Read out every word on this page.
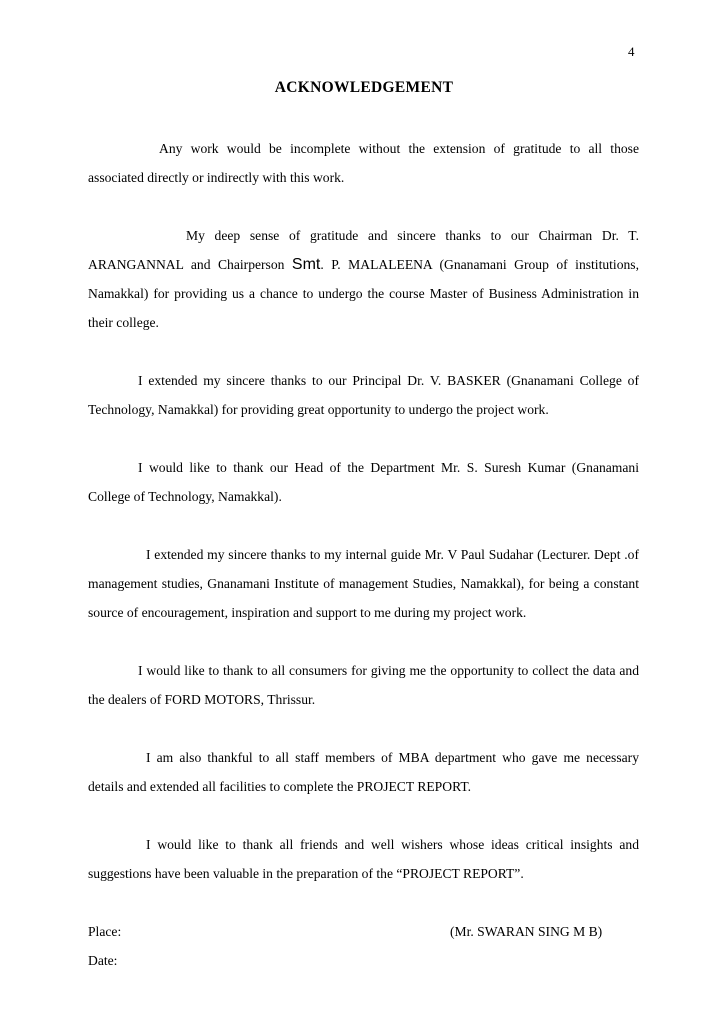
4
ACKNOWLEDGEMENT

Any work would be incomplete without the extension of gratitude to all those associated directly or indirectly with this work.

My deep sense of gratitude and sincere thanks to our Chairman Dr. T. ARANGANNAL and Chairperson Smt. P. MALALEENA (Gnanamani Group of institutions, Namakkal) for providing us a chance to undergo the course Master of Business Administration in their college.

I extended my sincere thanks to our Principal Dr. V. BASKER (Gnanamani College of Technology, Namakkal) for providing great opportunity to undergo the project work.

I would like to thank our Head of the Department Mr. S. Suresh Kumar (Gnanamani College of Technology, Namakkal).

I extended my sincere thanks to my internal guide Mr. V Paul Sudahar (Lecturer. Dept .of management studies, Gnanamani Institute of management Studies, Namakkal), for being a constant source of encouragement, inspiration and support to me during my project work.

I would like to thank to all consumers for giving me the opportunity to collect the data and the dealers of FORD MOTORS, Thrissur.

I am also thankful to all staff members of MBA department who gave me necessary details and extended all facilities to complete the PROJECT REPORT.

I would like to thank all friends and well wishers whose ideas critical insights and suggestions have been valuable in the preparation of the “PROJECT REPORT”.

Place:	(Mr. SWARAN SING M B)
Date:
